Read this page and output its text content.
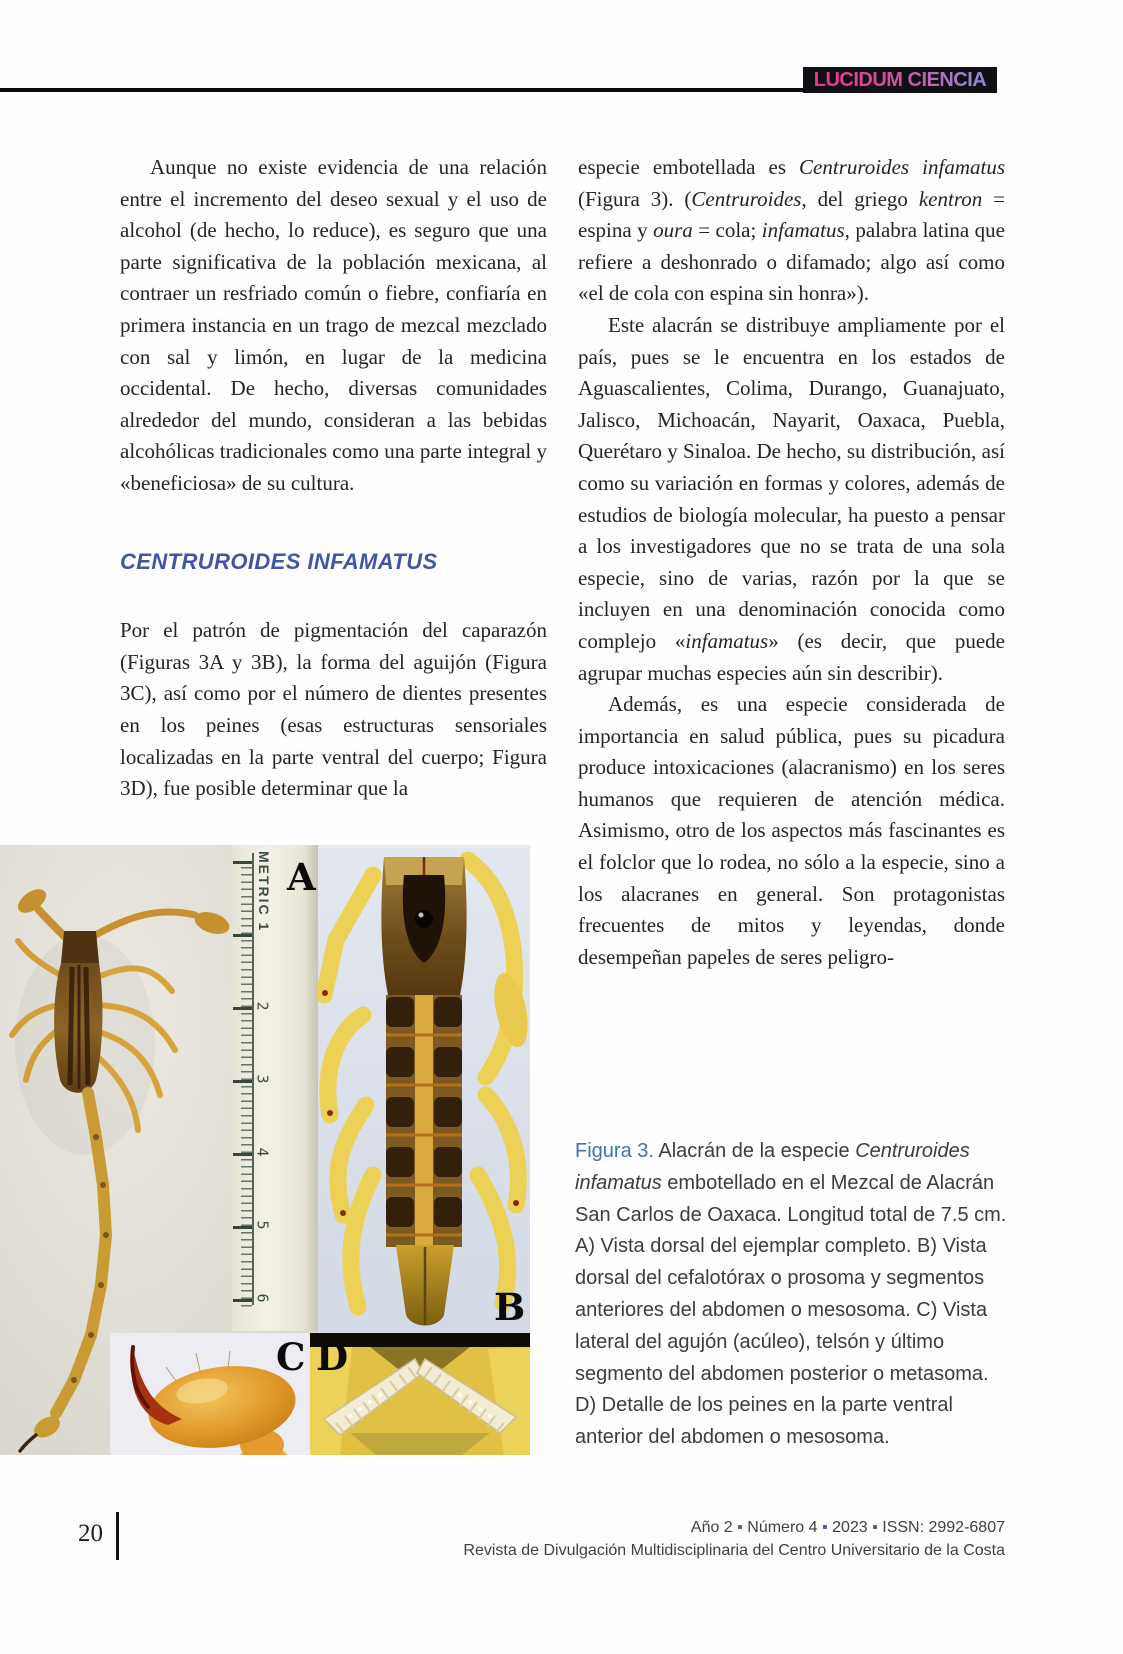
LUCIDUM CIENCIA

Aunque no existe evidencia de una relación entre el incremento del deseo sexual y el uso de alcohol (de hecho, lo reduce), es seguro que una parte significativa de la población mexicana, al contraer un resfriado común o fiebre, confiaría en primera instancia en un trago de mezcal mezclado con sal y limón, en lugar de la medicina occidental. De hecho, diversas comunidades alrededor del mundo, consideran a las bebidas alcohólicas tradicionales como una parte integral y «beneficiosa» de su cultura.

CENTRUROIDES INFAMATUS

Por el patrón de pigmentación del caparazón (Figuras 3A y 3B), la forma del aguijón (Figura 3C), así como por el número de dientes presentes en los peines (esas estructuras sensoriales localizadas en la parte ventral del cuerpo; Figura 3D), fue posible determinar que la

especie embotellada es Centruroides infamatus (Figura 3). (Centruroides, del griego kentron = espina y oura = cola; infamatus, palabra latina que refiere a deshonrado o difamado; algo así como «el de cola con espina sin honra»).

Este alacrán se distribuye ampliamente por el país, pues se le encuentra en los estados de Aguascalientes, Colima, Durango, Guanajuato, Jalisco, Michoacán, Nayarit, Oaxaca, Puebla, Querétaro y Sinaloa. De hecho, su distribución, así como su variación en formas y colores, además de estudios de biología molecular, ha puesto a pensar a los investigadores que no se trata de una sola especie, sino de varias, razón por la que se incluyen en una denominación conocida como complejo «infamatus» (es decir, que puede agrupar muchas especies aún sin describir).

Además, es una especie considerada de importancia en salud pública, pues su picadura produce intoxicaciones (alacranismo) en los seres humanos que requieren de atención médica. Asimismo, otro de los aspectos más fascinantes es el folclor que lo rodea, no sólo a la especie, sino a los alacranes en general. Son protagonistas frecuentes de mitos y leyendas, donde desempeñan papeles de seres peligro-

METRIC 1
2
3
4
5
6
A
B
C D
Figura 3. Alacrán de la especie Centruroides infamatus embotellado en el Mezcal de Alacrán San Carlos de Oaxaca. Longitud total de 7.5 cm. A) Vista dorsal del ejemplar completo. B) Vista dorsal del cefalotórax o prosoma y segmentos anteriores del abdomen o mesosoma. C) Vista lateral del agujón (acúleo), telsón y último segmento del abdomen posterior o metasoma. D) Detalle de los peines en la parte ventral anterior del abdomen o mesosoma.
20	Año 2 ▪ Número 4 ▪ 2023 ▪ ISSN: 2992-6807
Revista de Divulgación Multidisciplinaria del Centro Universitario de la Costa
